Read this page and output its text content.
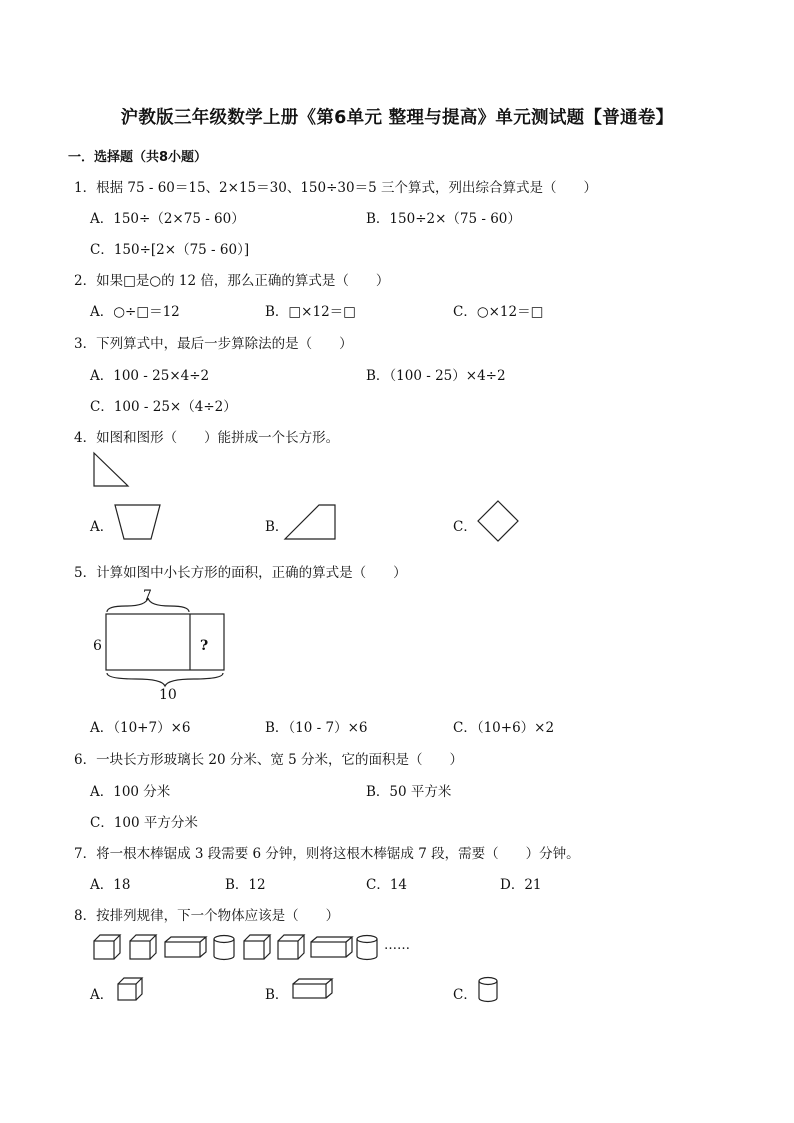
沪教版三年级数学上册《第6单元 整理与提高》单元测试题【普通卷】
一．选择题（共8小题）
1．根据 75 - 60＝15、2×15＝30、150÷30＝5 三个算式，列出综合算式是（　　）
A．150÷（2×75 - 60）	B．150÷2×（75 - 60）
C．150÷[2×（75 - 60）]
2．如果□是○的 12 倍，那么正确的算式是（　　）
A．○÷□＝12	B．□×12＝□	C．○×12＝□
3．下列算式中，最后一步算除法的是（　　）
A．100 - 25×4÷2	B．（100 - 25）×4÷2
C．100 - 25×（4÷2）
4．如图和图形（　　）能拼成一个长方形。
A．	B．	C．
5．计算如图中小长方形的面积，正确的算式是（　　）
7
6	?
10
A．（10+7）×6	B．（10 - 7）×6	C．（10+6）×2
6．一块长方形玻璃长 20 分米、宽 5 分米，它的面积是（　　）
A．100 分米	B．50 平方米
C．100 平方分米
7．将一根木棒锯成 3 段需要 6 分钟，则将这根木棒锯成 7 段，需要（　　）分钟。
A．18	B．12	C．14	D．21
8．按排列规律，下一个物体应该是（　　）
……
A．	B．	C．
